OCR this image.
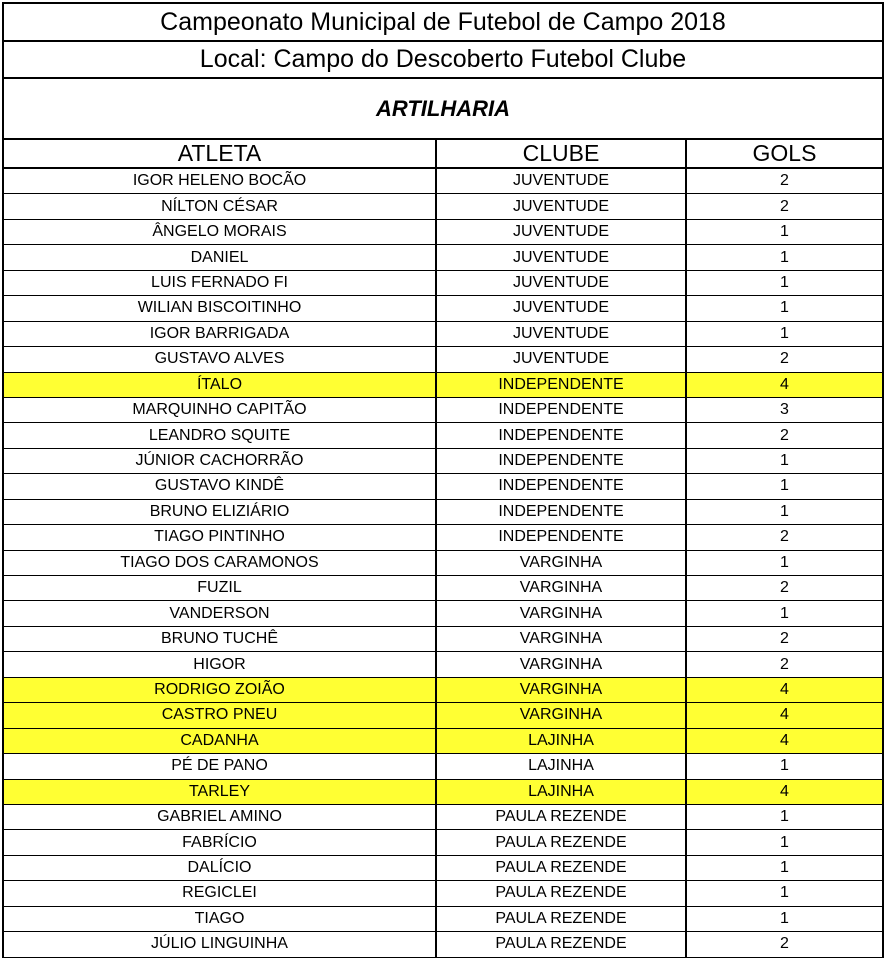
Campeonato Municipal de Futebol de Campo 2018
Local: Campo do Descoberto Futebol Clube
ARTILHARIA
ATLETA	CLUBE	GOLS
IGOR HELENO BOCÃO	JUVENTUDE	2
NÍLTON CÉSAR	JUVENTUDE	2
ÂNGELO MORAIS	JUVENTUDE	1
DANIEL	JUVENTUDE	1
LUIS FERNADO FI	JUVENTUDE	1
WILIAN BISCOITINHO	JUVENTUDE	1
IGOR BARRIGADA	JUVENTUDE	1
GUSTAVO ALVES	JUVENTUDE	2
ÍTALO	INDEPENDENTE	4
MARQUINHO CAPITÃO	INDEPENDENTE	3
LEANDRO SQUITE	INDEPENDENTE	2
JÚNIOR CACHORRÃO	INDEPENDENTE	1
GUSTAVO KINDÊ	INDEPENDENTE	1
BRUNO ELIZIÁRIO	INDEPENDENTE	1
TIAGO PINTINHO	INDEPENDENTE	2
TIAGO DOS CARAMONOS	VARGINHA	1
FUZIL	VARGINHA	2
VANDERSON	VARGINHA	1
BRUNO TUCHÊ	VARGINHA	2
HIGOR	VARGINHA	2
RODRIGO ZOIÃO	VARGINHA	4
CASTRO PNEU	VARGINHA	4
CADANHA	LAJINHA	4
PÉ DE PANO	LAJINHA	1
TARLEY	LAJINHA	4
GABRIEL AMINO	PAULA REZENDE	1
FABRÍCIO	PAULA REZENDE	1
DALÍCIO	PAULA REZENDE	1
REGICLEI	PAULA REZENDE	1
TIAGO	PAULA REZENDE	1
JÚLIO LINGUINHA	PAULA REZENDE	2
